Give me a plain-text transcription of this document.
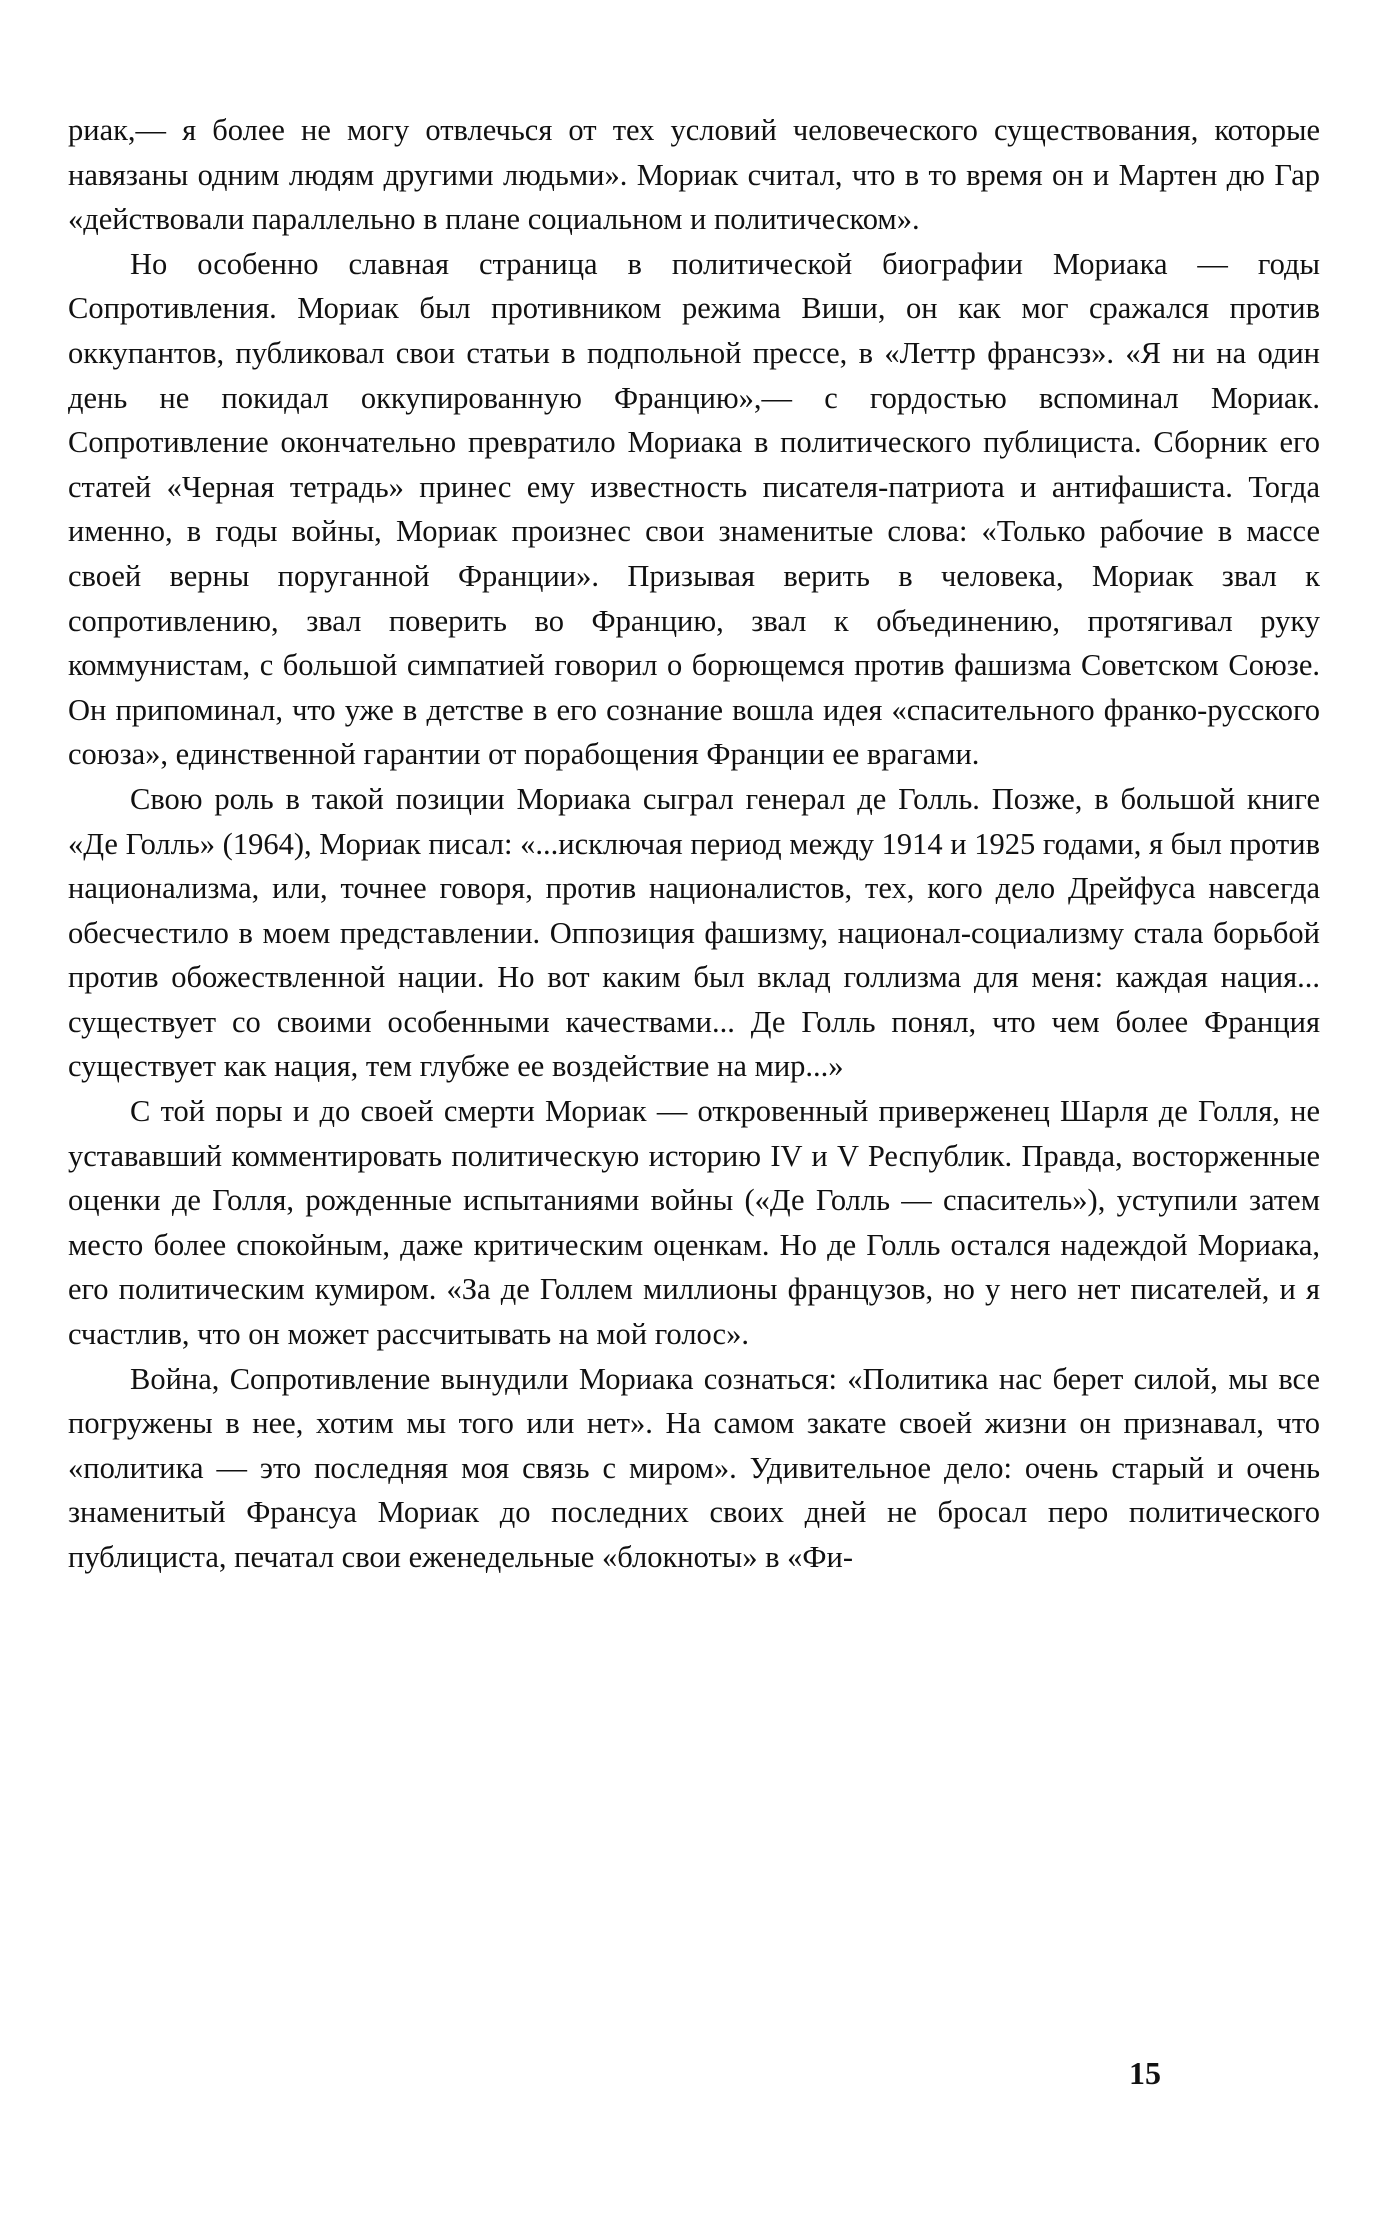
риак,— я более не могу отвлечься от тех условий человеческого существования, которые навязаны одним людям другими людьми». Мориак считал, что в то время он и Мартен дю Гар «действовали параллельно в плане социальном и политическом».

Но особенно славная страница в политической биографии Мориака — годы Сопротивления. Мориак был противником режима Виши, он как мог сражался против оккупантов, публиковал свои статьи в подпольной прессе, в «Леттр франсэз». «Я ни на один день не покидал оккупированную Францию»,— с гордостью вспоминал Мориак. Сопротивление окончательно превратило Мориака в политического публициста. Сборник его статей «Черная тетрадь» принес ему известность писателя-патриота и антифашиста. Тогда именно, в годы войны, Мориак произнес свои знаменитые слова: «Только рабочие в массе своей верны поруганной Франции». Призывая верить в человека, Мориак звал к сопротивлению, звал поверить во Францию, звал к объединению, протягивал руку коммунистам, с большой симпатией говорил о борющемся против фашизма Советском Союзе. Он припоминал, что уже в детстве в его сознание вошла идея «спасительного франко-русского союза», единственной гарантии от порабощения Франции ее врагами.

Свою роль в такой позиции Мориака сыграл генерал де Голль. Позже, в большой книге «Де Голль» (1964), Мориак писал: «...исключая период между 1914 и 1925 годами, я был против национализма, или, точнее говоря, против националистов, тех, кого дело Дрейфуса навсегда обесчестило в моем представлении. Оппозиция фашизму, национал-социализму стала борьбой против обожествленной нации. Но вот каким был вклад голлизма для меня: каждая нация... существует со своими особенными качествами... Де Голль понял, что чем более Франция существует как нация, тем глубже ее воздействие на мир...»

С той поры и до своей смерти Мориак — откровенный приверженец Шарля де Голля, не устававший комментировать политическую историю IV и V Республик. Правда, восторженные оценки де Голля, рожденные испытаниями войны («Де Голль — спаситель»), уступили затем место более спокойным, даже критическим оценкам. Но де Голль остался надеждой Мориака, его политическим кумиром. «За де Голлем миллионы французов, но у него нет писателей, и я счастлив, что он может рассчитывать на мой голос».

Война, Сопротивление вынудили Мориака сознаться: «Политика нас берет силой, мы все погружены в нее, хотим мы того или нет». На самом закате своей жизни он признавал, что «политика — это последняя моя связь с миром». Удивительное дело: очень старый и очень знаменитый Франсуа Мориак до последних своих дней не бросал перо политического публициста, печатал свои еженедельные «блокноты» в «Фи-

15
